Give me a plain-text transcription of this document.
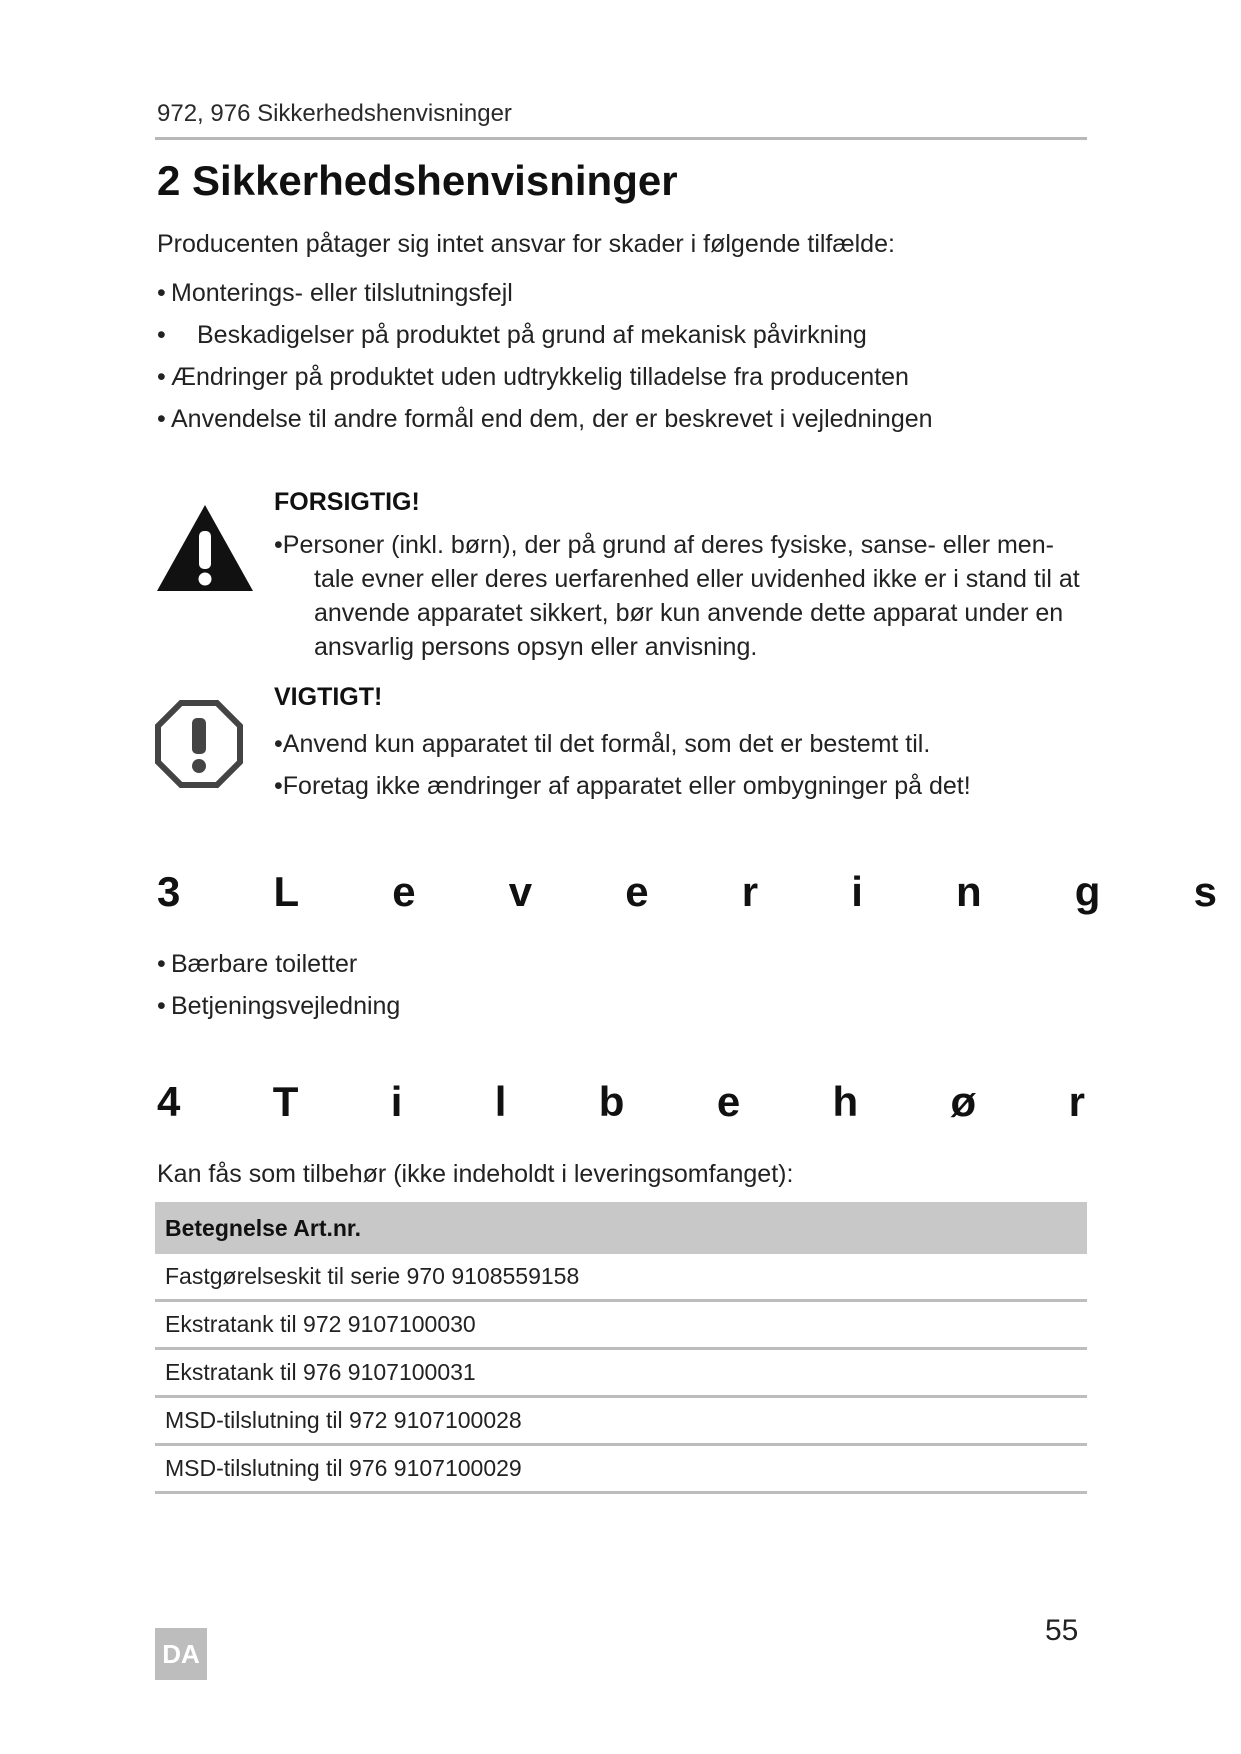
972, 976 Sikkerhedshenvisninger
2 Sikkerhedshenvisninger
Producenten påtager sig intet ansvar for skader i følgende tilfælde:
• Monterings- eller tilslutningsfejl
• Beskadigelser på produktet på grund af mekanisk påvirkning
• Ændringer på produktet uden udtrykkelig tilladelse fra producenten
• Anvendelse til andre formål end dem, der er beskrevet i vejledningen
FORSIGTIG!
•Personer (inkl. børn), der på grund af deres fysiske, sanse- eller men-
tale evner eller deres uerfarenhed eller uvidenhed ikke er i stand til at anvende apparatet sikkert, bør kun anvende dette apparat under en ansvarlig persons opsyn eller anvisning.
VIGTIGT!
•Anvend kun apparatet til det formål, som det er bestemt til.
•Foretag ikke ændringer af apparatet eller ombygninger på det!
3 L e v e r i n g s
• Bærbare toiletter
• Betjeningsvejledning
4 T i l b e h ø r
Kan fås som tilbehør (ikke indeholdt i leveringsomfanget):
Betegnelse Art.nr.
Fastgørelseskit til serie 970 9108559158
Ekstratank til 972 9107100030
Ekstratank til 976 9107100031
MSD-tilslutning til 972 9107100028
MSD-tilslutning til 976 9107100029
DA
55
